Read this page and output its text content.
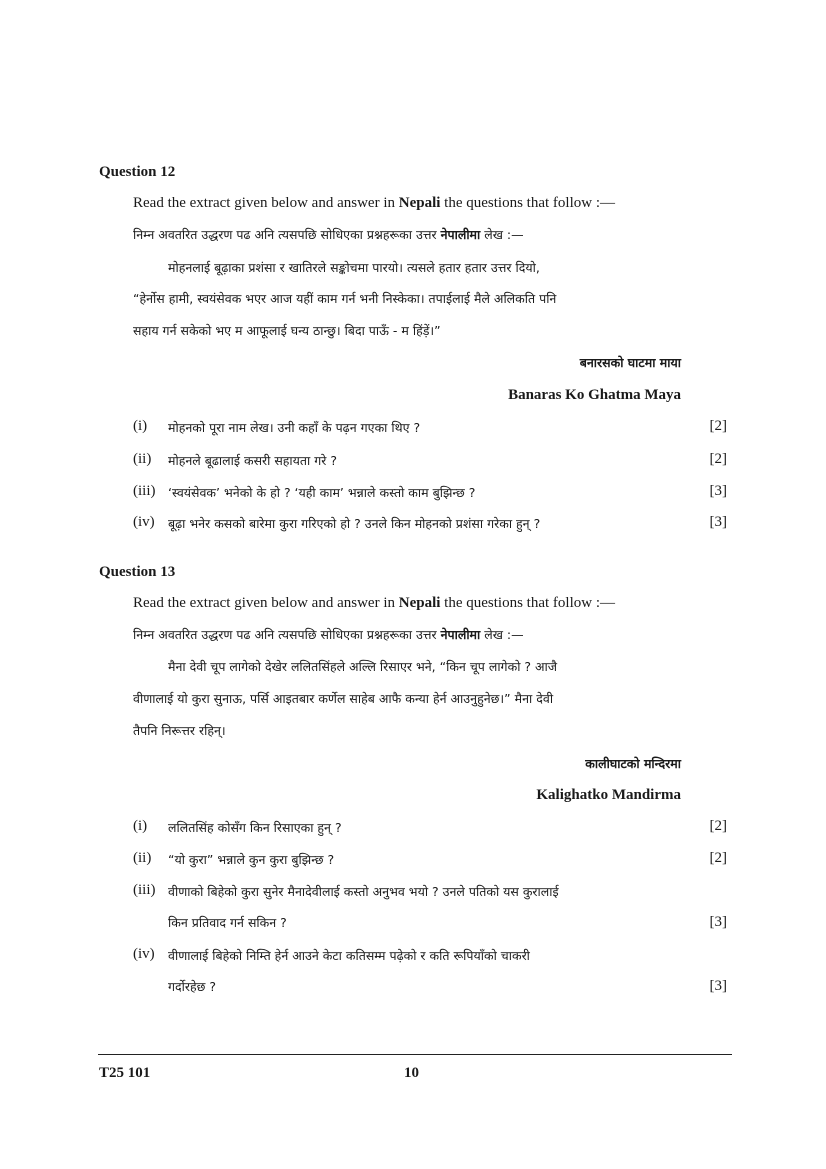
Question 12
Read the extract given below and answer in Nepali the questions that follow :—
निम्न अवतरित उद्धरण पढ अनि त्यसपछि सोधिएका प्रश्नहरूका उत्तर नेपालीमा लेख :—
मोहनलाई बूढ़ाका प्रशंसा र खातिरले सङ्कोचमा पारयो। त्यसले हतार हतार उत्तर दियो,
“हेर्नोस हामी, स्वयंसेवक भएर आज यहीं काम गर्न भनी निस्केका। तपाईलाई मैले अलिकति पनि
सहाय गर्न सकेको भए म आफूलाई घन्य ठान्छु। बिदा पाऊँ - म हिंड़ें।”
बनारसको घाटमा माया
Banaras Ko Ghatma Maya
(i) मोहनको पूरा नाम लेख। उनी कहाँ के पढ़न गएका थिए ?	[2]
(ii) मोहनले बूढालाई कसरी सहायता गरे ?	[2]
(iii) ‘स्वयंसेवक’ भनेको के हो ? ‘यही काम’ भन्नाले कस्तो काम बुझिन्छ ?	[3]
(iv) बूढ़ा भनेर कसको बारेमा कुरा गरिएको हो ? उनले किन मोहनको प्रशंसा गरेका हुन् ?	[3]
Question 13
Read the extract given below and answer in Nepali the questions that follow :—
निम्न अवतरित उद्धरण पढ अनि त्यसपछि सोधिएका प्रश्नहरूका उत्तर नेपालीमा लेख :—
मैना देवी चूप लागेको देखेर ललितसिंहले अल्लि रिसाएर भने, “किन चूप लागेको ? आजै
वीणालाई यो कुरा सुनाऊ, पर्सि आइतबार कर्णेल साहेब आफै कन्या हेर्न आउनुहुनेछ।” मैना देवी
तैपनि निरूत्तर रहिन्।
कालीघाटको मन्दिरमा
Kalighatko Mandirma
(i) ललितसिंह कोसँग किन रिसाएका हुन् ?	[2]
(ii) “यो कुरा” भन्नाले कुन कुरा बुझिन्छ ?	[2]
(iii) वीणाको बिहेको कुरा सुनेर मैनादेवीलाई कस्तो अनुभव भयो ? उनले पतिको यस कुरालाई
किन प्रतिवाद गर्न सकिन ?	[3]
(iv) वीणालाई बिहेको निम्ति हेर्न आउने केटा कतिसम्म पढ़ेको र कति रूपियाँको चाकरी
गर्दोरहेछ ?	[3]
T25 101	10
